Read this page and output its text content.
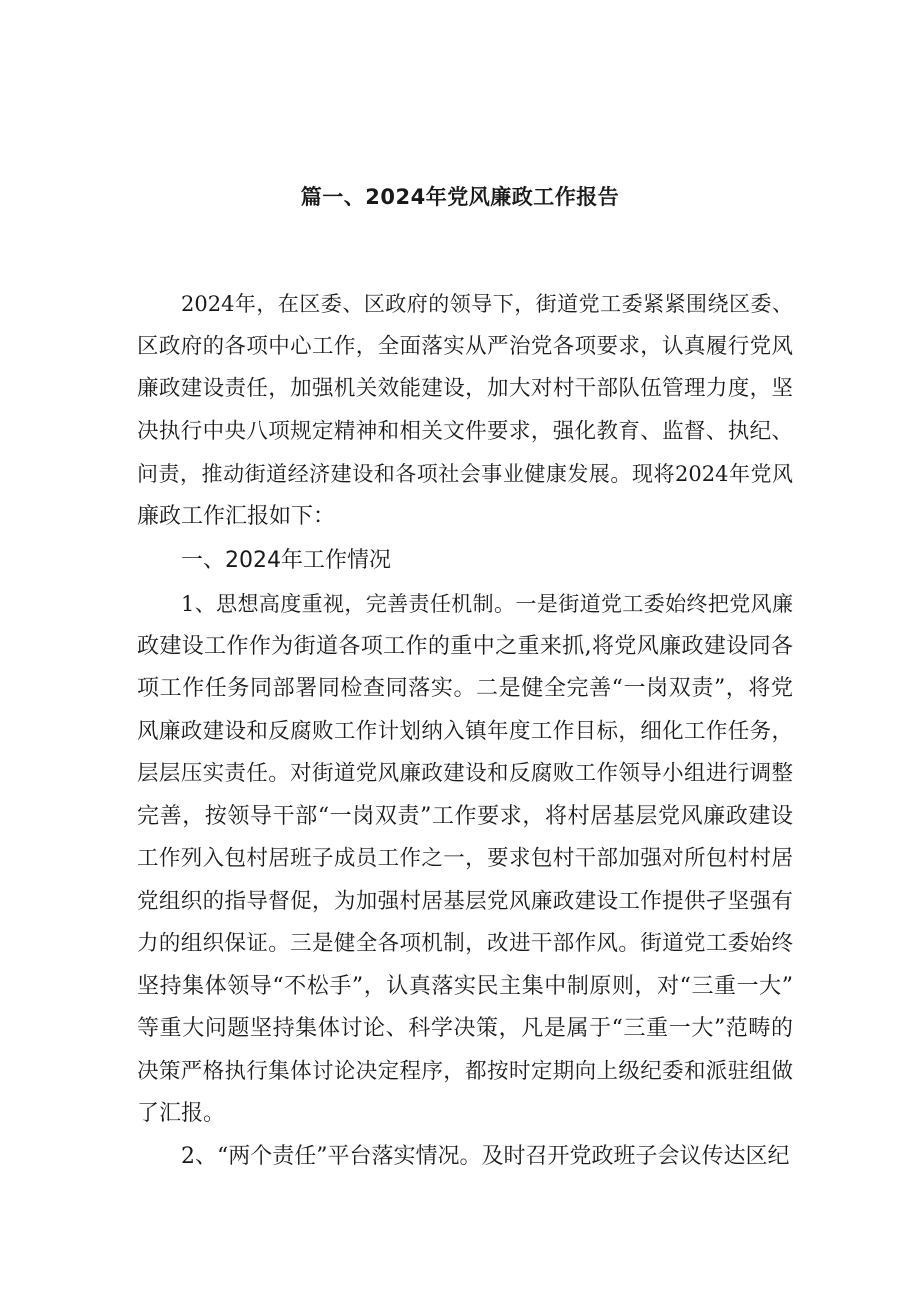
篇一、2024年党风廉政工作报告
2024年，在区委、区政府的领导下，街道党工委紧紧围绕区委、
区政府的各项中心工作，全面落实从严治党各项要求，认真履行党风
廉政建设责任，加强机关效能建设，加大对村干部队伍管理力度，坚
决执行中央八项规定精神和相关文件要求，强化教育、监督、执纪、
问责，推动街道经济建设和各项社会事业健康发展。现将2024年党风
廉政工作汇报如下：
一、2024年工作情况
1、思想高度重视，完善责任机制。一是街道党工委始终把党风廉
政建设工作作为街道各项工作的重中之重来抓,将党风廉政建设同各
项工作任务同部署同检查同落实。二是健全完善“一岗双责”，将党
风廉政建设和反腐败工作计划纳入镇年度工作目标，细化工作任务，
层层压实责任。对街道党风廉政建设和反腐败工作领导小组进行调整
完善，按领导干部“一岗双责”工作要求，将村居基层党风廉政建设
工作列入包村居班子成员工作之一，要求包村干部加强对所包村村居
党组织的指导督促，为加强村居基层党风廉政建设工作提供孑坚强有
力的组织保证。三是健全各项机制，改进干部作风。街道党工委始终
坚持集体领导“不松手”，认真落实民主集中制原则，对“三重一大”
等重大问题坚持集体讨论、科学决策，凡是属于“三重一大”范畴的
决策严格执行集体讨论决定程序，都按时定期向上级纪委和派驻组做
了汇报。
2、“两个责任”平台落实情况。及时召开党政班子会议传达区纪
